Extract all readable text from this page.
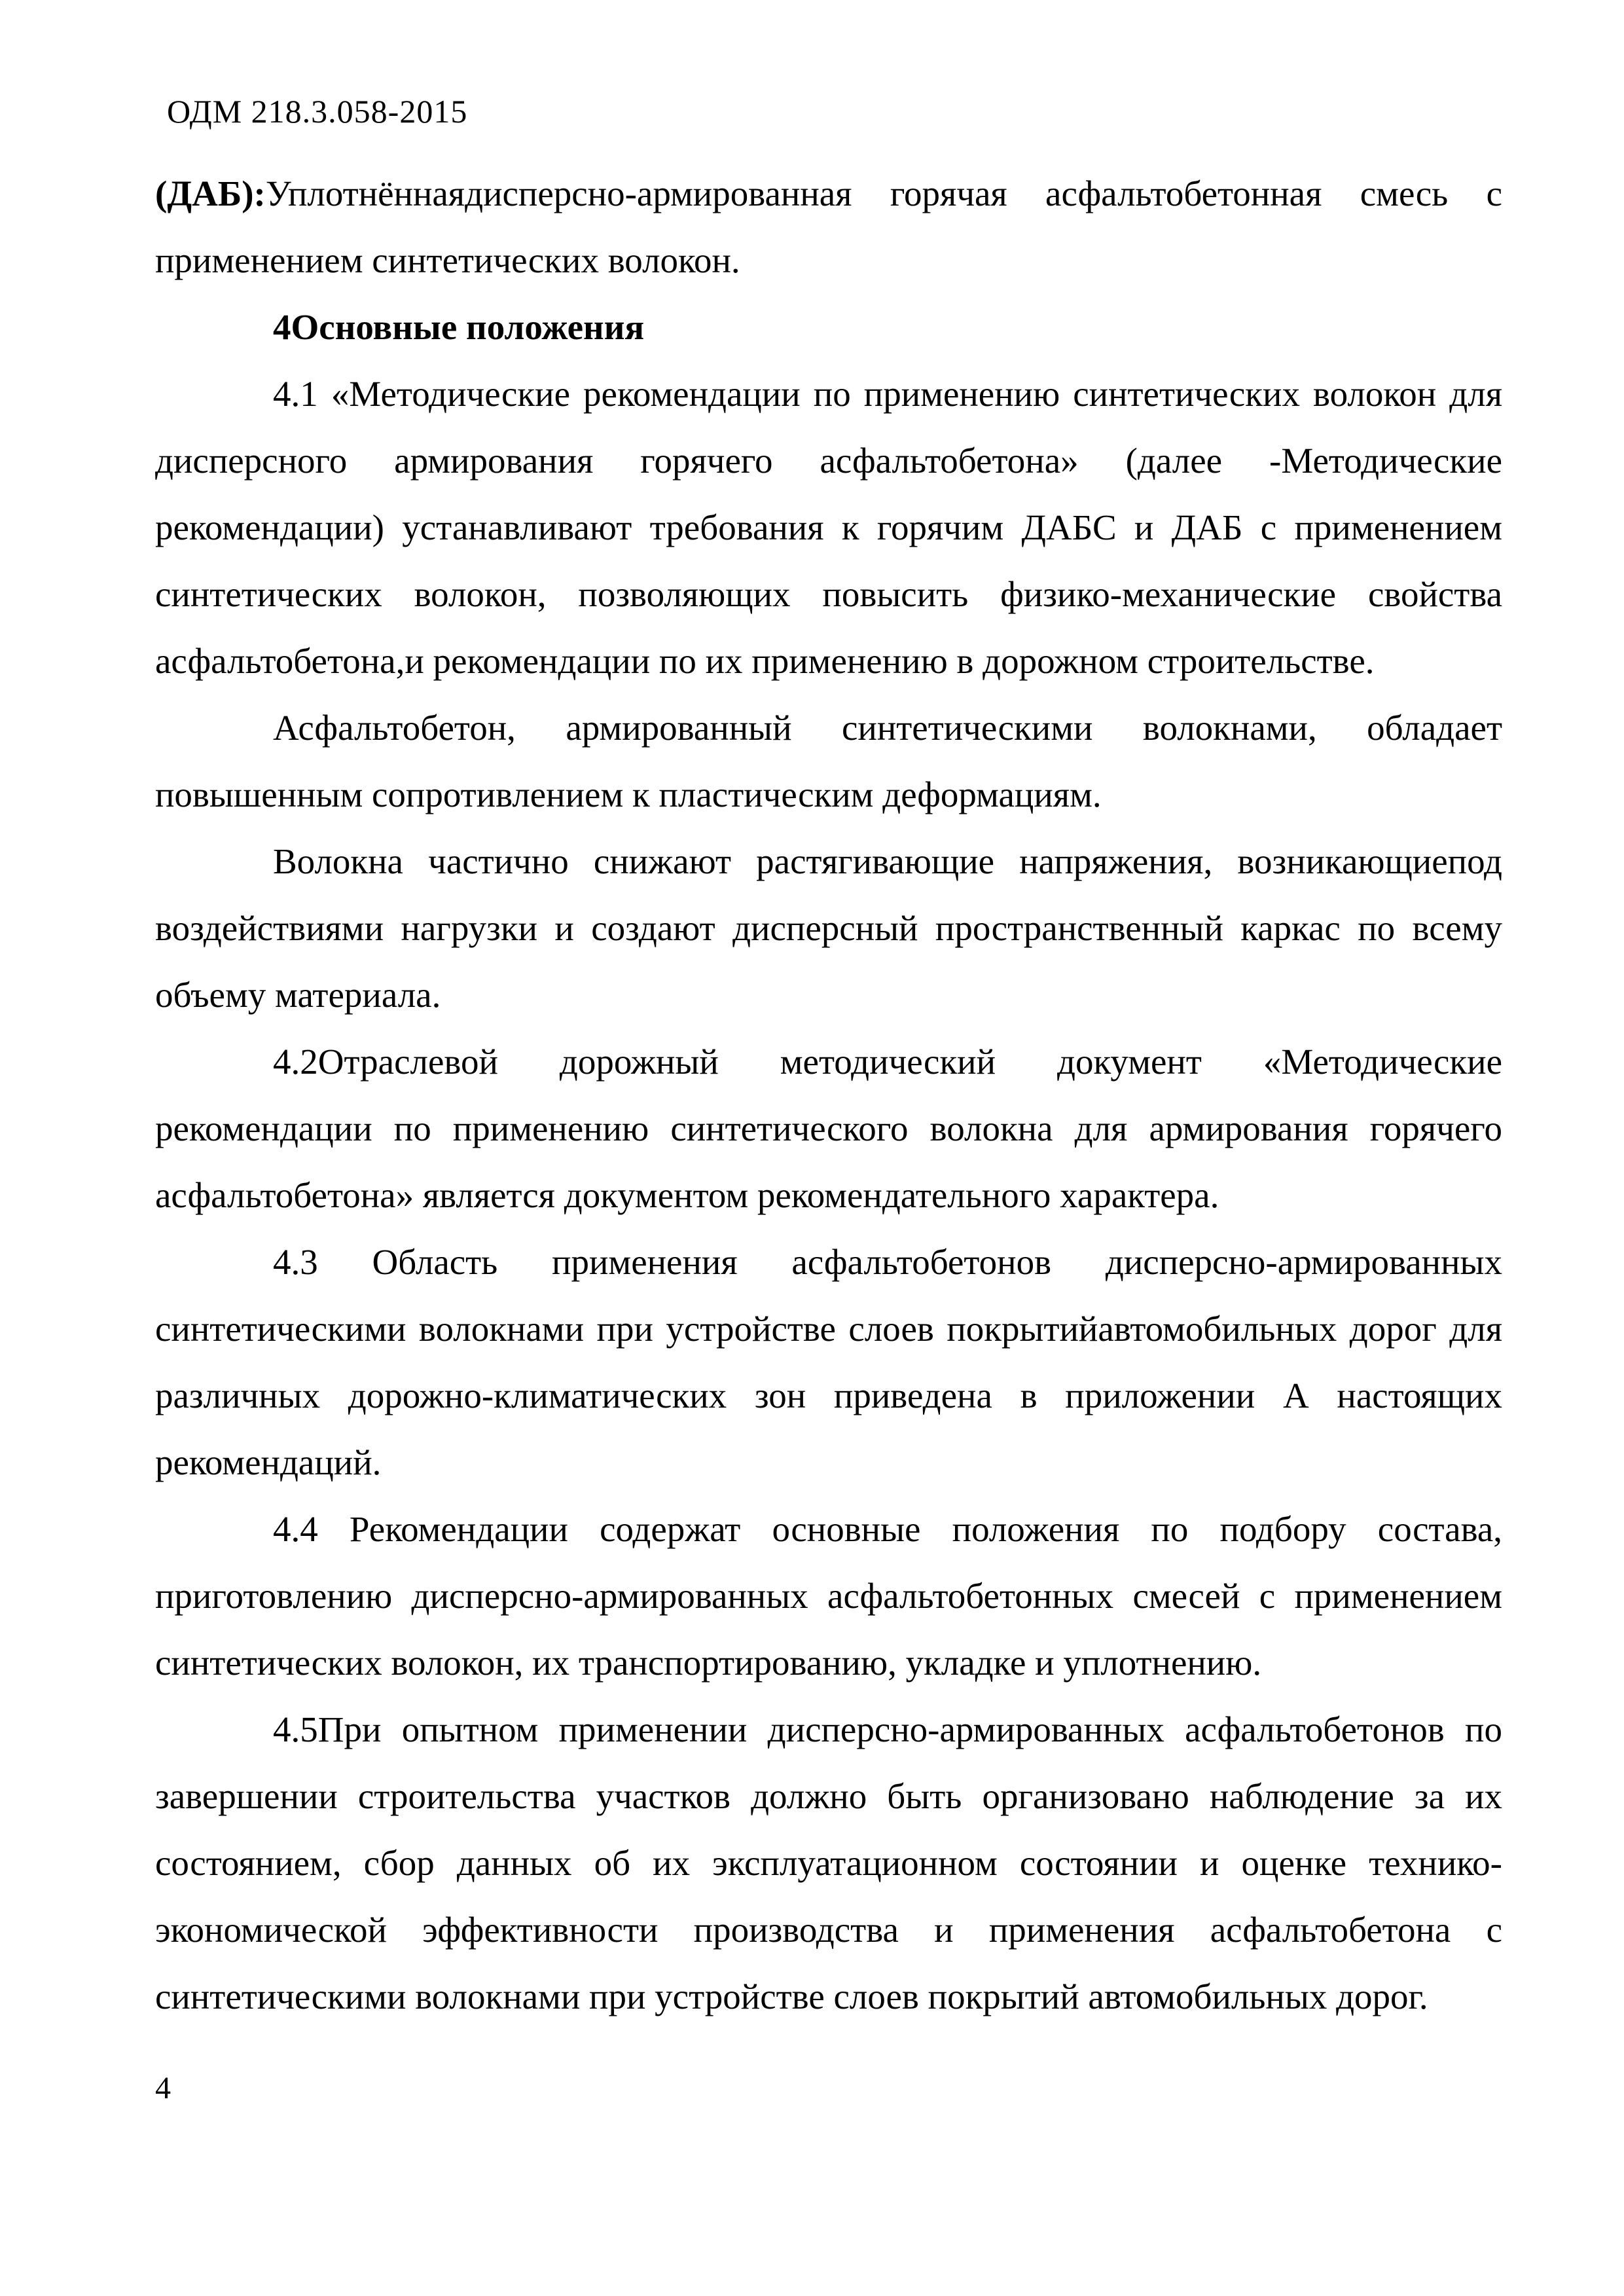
ОДМ 218.3.058-2015

(ДАБ):Уплотнённаядисперсно-армированная горячая асфальтобетонная смесь с применением синтетических волокон.

4Основные положения

4.1 «Методические рекомендации по применению синтетических волокон для дисперсного армирования горячего асфальтобетона» (далее -Методические рекомендации) устанавливают требования к горячим ДАБС и ДАБ с применением синтетических волокон, позволяющих повысить физико-механические свойства асфальтобетона,и рекомендации по их применению в дорожном строительстве.

Асфальтобетон, армированный синтетическими волокнами, обладает повышенным сопротивлением к пластическим деформациям.

Волокна частично снижают растягивающие напряжения, возникающиепод воздействиями нагрузки и создают дисперсный пространственный каркас по всему объему материала.

4.2Отраслевой дорожный методический документ «Методические рекомендации по применению синтетического волокна для армирования горячего асфальтобетона» является документом рекомендательного характера.

4.3 Область применения асфальтобетонов дисперсно-армированных синтетическими волокнами при устройстве слоев покрытийавтомобильных дорог для различных дорожно-климатических зон приведена в приложении А настоящих рекомендаций.

4.4 Рекомендации содержат основные положения по подбору состава, приготовлению дисперсно-армированных асфальтобетонных смесей с применением синтетических волокон, их транспортированию, укладке и уплотнению.

4.5При опытном применении дисперсно-армированных асфальтобетонов по завершении строительства участков должно быть организовано наблюдение за их состоянием, сбор данных об их эксплуатационном состоянии и оценке технико-экономической эффективности производства и применения асфальтобетона с синтетическими волокнами при устройстве слоев покрытий автомобильных дорог.

4
